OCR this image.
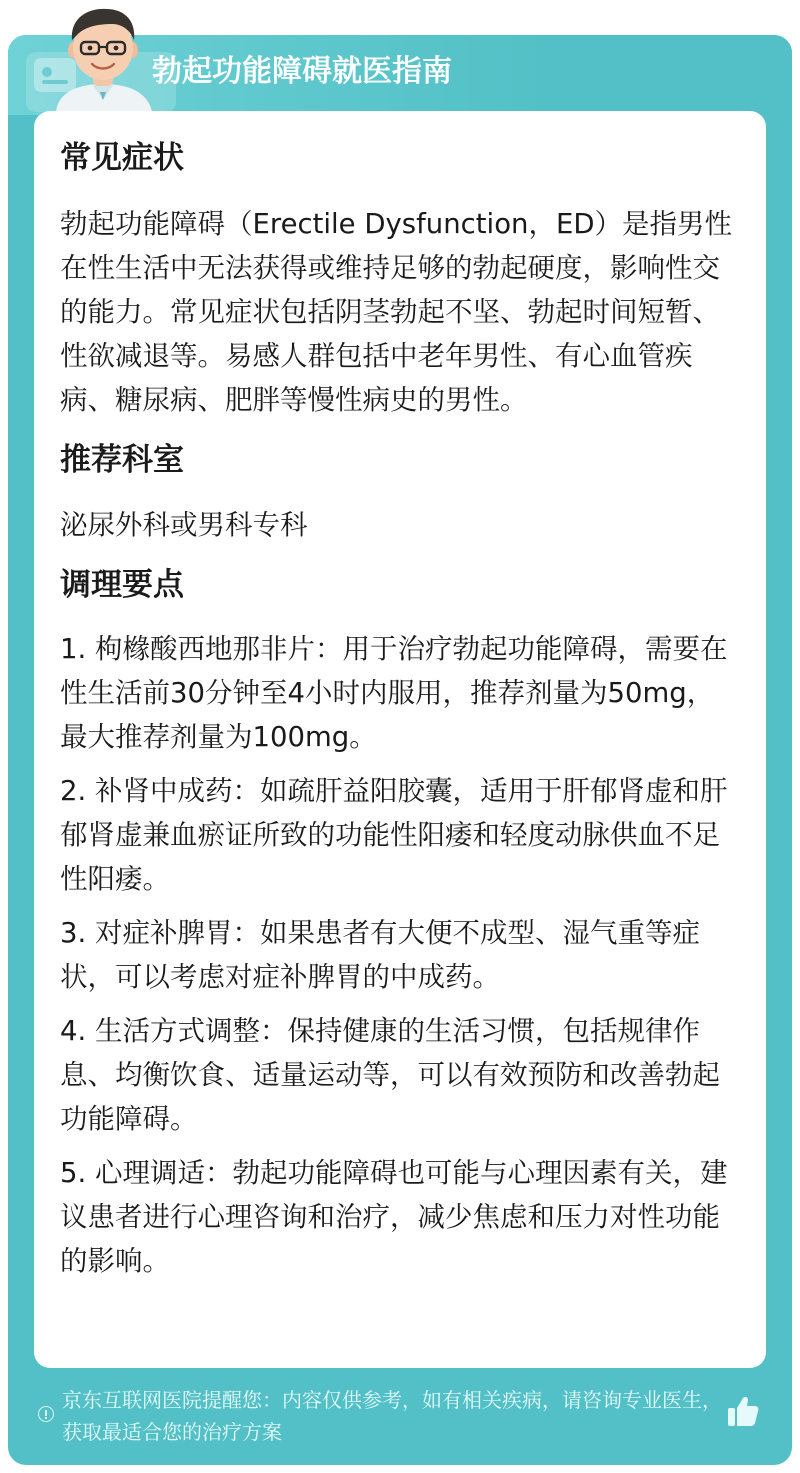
勃起功能障碍就医指南
常见症状

勃起功能障碍（Erectile Dysfunction，ED）是指男性在性生活中无法获得或维持足够的勃起硬度，影响性交的能力。常见症状包括阴茎勃起不坚、勃起时间短暂、性欲减退等。易感人群包括中老年男性、有心血管疾病、糖尿病、肥胖等慢性病史的男性。

推荐科室

泌尿外科或男科专科

调理要点

1. 枸橼酸西地那非片：用于治疗勃起功能障碍，需要在性生活前30分钟至4小时内服用，推荐剂量为50mg，最大推荐剂量为100mg。

2. 补肾中成药：如疏肝益阳胶囊，适用于肝郁肾虚和肝郁肾虚兼血瘀证所致的功能性阳痿和轻度动脉供血不足性阳痿。

3. 对症补脾胃：如果患者有大便不成型、湿气重等症状，可以考虑对症补脾胃的中成药。

4. 生活方式调整：保持健康的生活习惯，包括规律作息、均衡饮食、适量运动等，可以有效预防和改善勃起功能障碍。

5. 心理调适：勃起功能障碍也可能与心理因素有关，建议患者进行心理咨询和治疗，减少焦虑和压力对性功能的影响。

京东互联网医院提醒您：内容仅供参考，如有相关疾病，请咨询专业医生，获取最适合您的治疗方案
